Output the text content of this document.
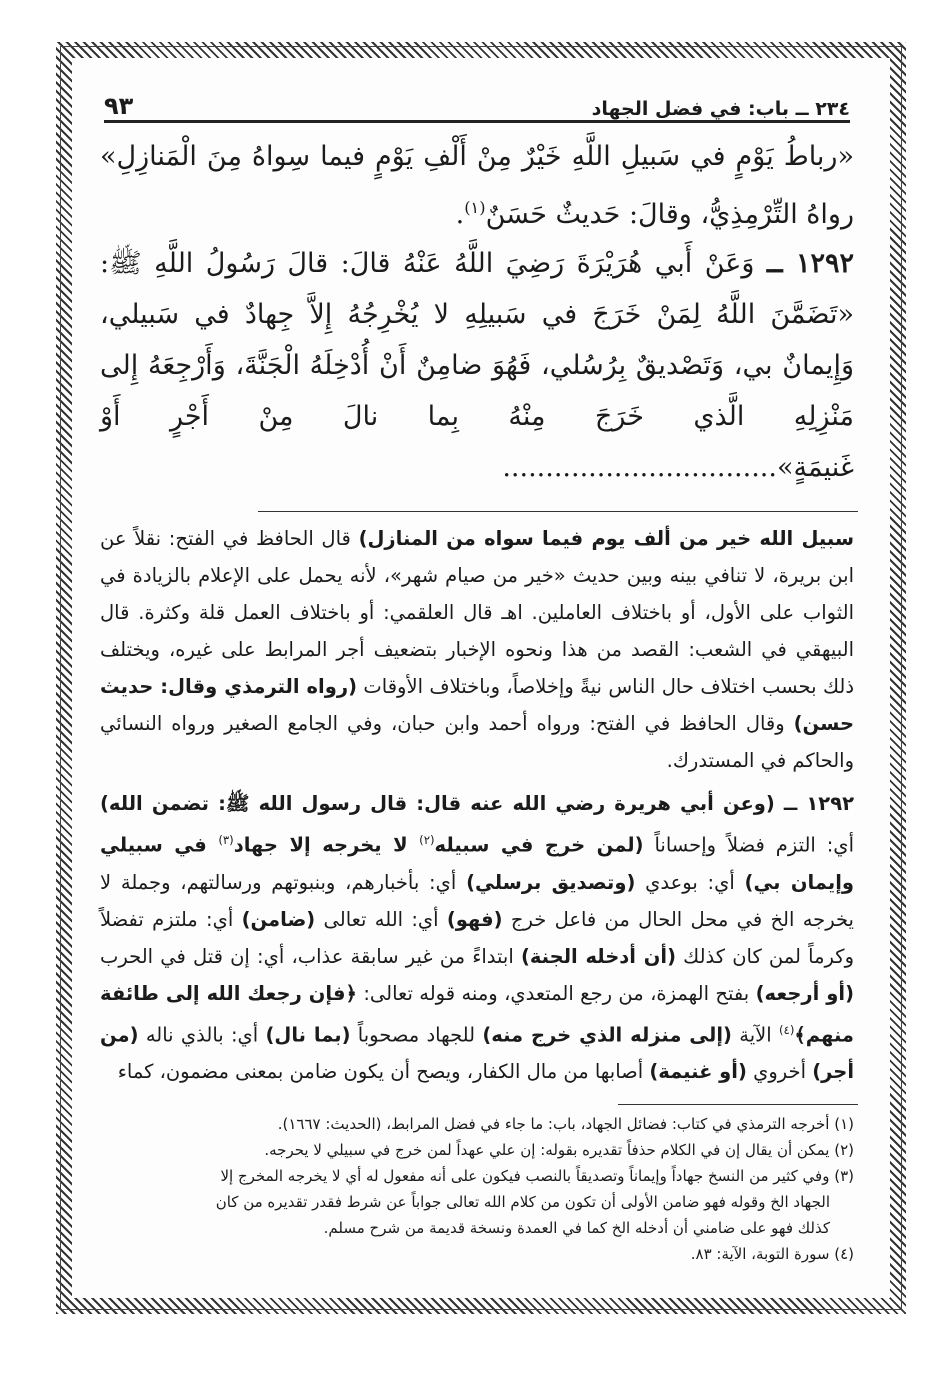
٢٣٤ ــ باب: في فضل الجهاد
٩٣

«رباطُ يَوْمٍ في سَبيلِ اللَّهِ خَيْرٌ مِنْ أَلْفِ يَوْمٍ فيما سِواهُ مِنَ الْمَنازِلِ» رواهُ التِّرْمِذِيُّ، وقالَ: حَديثٌ حَسَنٌ$^{(١)}$.

١٢٩٢ ــ وَعَنْ أَبي هُرَيْرَةَ رَضِيَ اللَّهُ عَنْهُ قالَ: قالَ رَسُولُ اللَّهِ ﷺ: «تَضَمَّنَ اللَّهُ لِمَنْ خَرَجَ في سَبيلِهِ لا يُخْرِجُهُ إِلاَّ جِهادٌ في سَبيلي، وَإِيمانٌ بي، وَتَصْديقٌ بِرُسُلي، فَهُوَ ضامِنٌ أَنْ أُدْخِلَهُ الْجَنَّةَ، وَأَرْجِعَهُ إِلى مَنْزِلِهِ الَّذي خَرَجَ مِنْهُ بِما نالَ مِنْ أَجْرٍ أَوْ غَنيمَةٍ»................................

سبيل الله خير من ألف يوم فيما سواه من المنازل) قال الحافظ في الفتح: نقلاً عن ابن بريرة، لا تنافي بينه وبين حديث «خير من صيام شهر»، لأنه يحمل على الإعلام بالزيادة في الثواب على الأول، أو باختلاف العاملين. اهـ قال العلقمي: أو باختلاف العمل قلة وكثرة. قال البيهقي في الشعب: القصد من هذا ونحوه الإخبار بتضعيف أجر المرابط على غيره، ويختلف ذلك بحسب اختلاف حال الناس نيةً وإخلاصاً، وباختلاف الأوقات (رواه الترمذي وقال: حديث حسن) وقال الحافظ في الفتح: ورواه أحمد وابن حبان، وفي الجامع الصغير ورواه النسائي والحاكم في المستدرك.

١٢٩٢ ــ (وعن أبي هريرة رضي الله عنه قال: قال رسول الله ﷺ: تضمن الله) أي: التزم فضلاً وإحساناً (لمن خرج في سبيله$^{(٢)}$ لا يخرجه إلا جهاد$^{(٣)}$ في سبيلي وإيمان بي) أي: بوعدي (وتصديق برسلي) أي: بأخبارهم، وبنبوتهم ورسالتهم، وجملة لا يخرجه الخ في محل الحال من فاعل خرج (فهو) أي: الله تعالى (ضامن) أي: ملتزم تفضلاً وكرماً لمن كان كذلك (أن أدخله الجنة) ابتداءً من غير سابقة عذاب، أي: إن قتل في الحرب (أو أرجعه) بفتح الهمزة، من رجع المتعدي، ومنه قوله تعالى: ﴿فإن رجعك الله إلى طائفة منهم﴾$^{(٤)}$ الآية (إلى منزله الذي خرج منه) للجهاد مصحوباً (بما نال) أي: بالذي ناله (من أجر) أخروي (أو غنيمة) أصابها من مال الكفار، ويصح أن يكون ضامن بمعنى مضمون، كماء

(١) أخرجه الترمذي في كتاب: فضائل الجهاد، باب: ما جاء في فضل المرابط، (الحديث: ١٦٦٧).

(٢) يمكن أن يقال إن في الكلام حذفاً تقديره بقوله: إن علي عهداً لمن خرج في سبيلي لا يحرجه.

(٣) وفي كثير من النسخ جهاداً وإيماناً وتصديقاً بالنصب فيكون على أنه مفعول له أي لا يخرجه المخرج إلا

الجهاد الخ وقوله فهو ضامن الأولى أن تكون من كلام الله تعالى جواباً عن شرط فقدر تقديره من كان

كذلك فهو على ضامني أن أدخله الخ كما في العمدة ونسخة قديمة من شرح مسلم.

(٤) سورة التوبة، الآية: ٨٣.
